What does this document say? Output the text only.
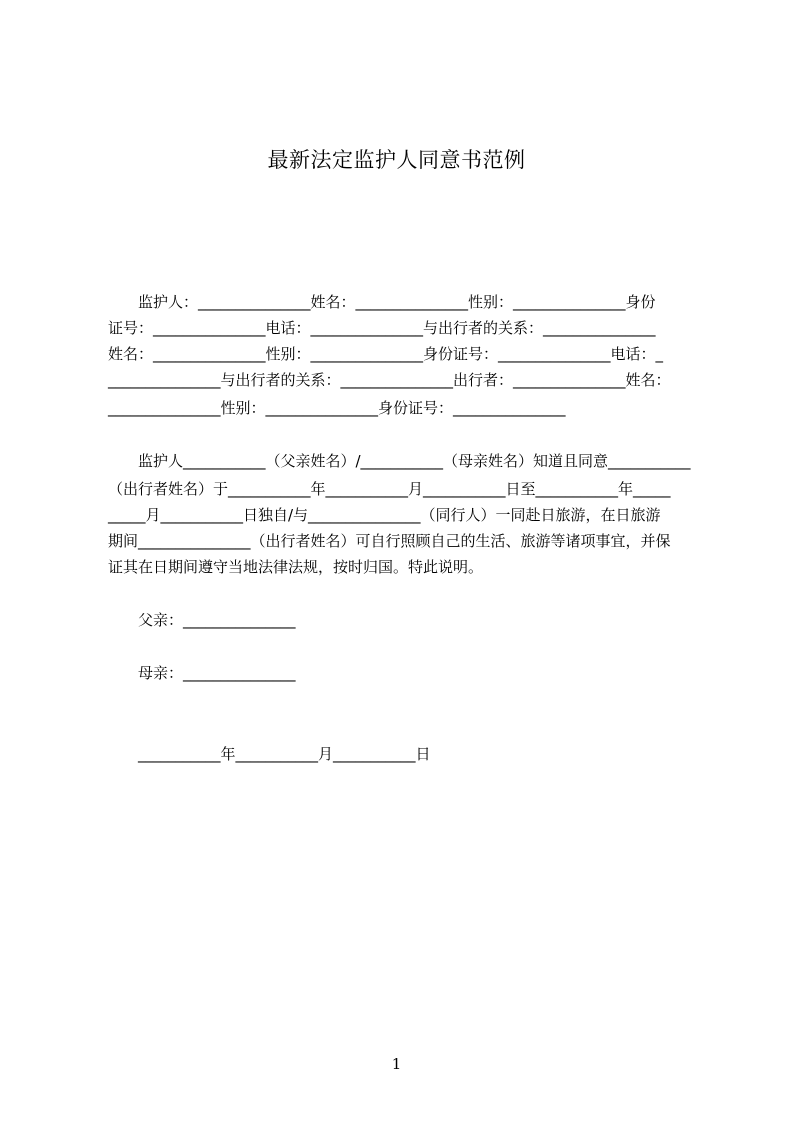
最新法定监护人同意书范例
　　监护人：_______________姓名：_______________性别：_______________身份
证号：_______________电话：_______________与出行者的关系：_______________
姓名：_______________性别：_______________身份证号：_______________电话：_
_______________与出行者的关系：_______________出行者：_______________姓名：
_______________性别：_______________身份证号：_______________
　　监护人___________（父亲姓名）/___________（母亲姓名）知道且同意___________
（出行者姓名）于___________年___________月___________日至___________年_____
_____月___________日独自/与_______________（同行人）一同赴日旅游，在日旅游
期间_______________（出行者姓名）可自行照顾自己的生活、旅游等诸项事宜，并保
证其在日期间遵守当地法律法规，按时归国。特此说明。
　　父亲：_______________
　　母亲：_______________
　　___________年___________月___________日
1
